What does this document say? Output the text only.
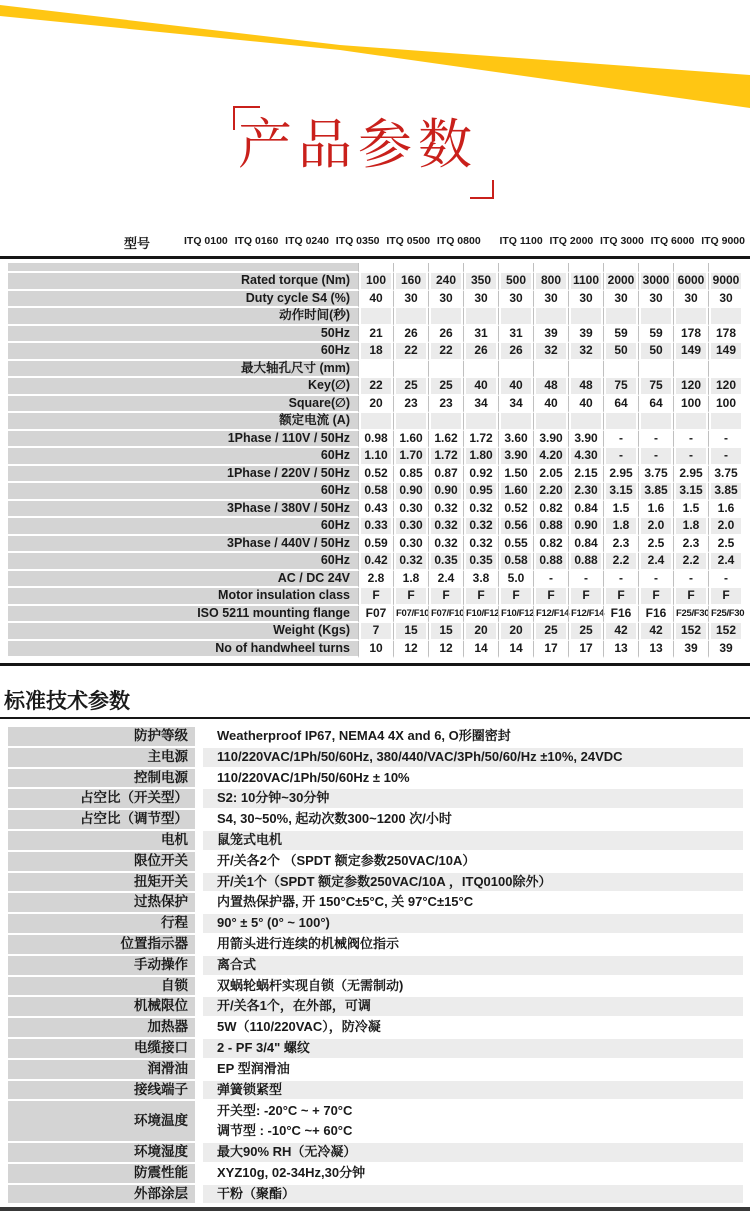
产品参数
型号	ITQ 0100 ITQ 0160 ITQ 0240 ITQ 0350 ITQ 0500 ITQ 0800 ITQ 1100 ITQ 2000 ITQ 3000 ITQ 6000 ITQ 9000
Rated torque (Nm)	100	160	240	350	500	800 1100 2000 3000 6000 9000
Duty cycle S4 (%)	40	30	30	30	30	30	30	30	30	30	30
动作时间(秒)
50Hz	21	26	26	31	31	39	39	59	59	178	178
60Hz	18	22	22	26	26	32	32	50	50	149	149
最大轴孔尺寸 (mm)
Key(∅)	22	25	25	40	40	48	48	75	75	120	120
Square(∅)	20	23	23	34	34	40	40	64	64	100	100
额定电流 (A)
1Phase / 110V / 50Hz	0.98 1.60 1.62 1.72 3.60 3.90 3.90	-	-	-	-
60Hz	1.10 1.70 1.72 1.80 3.90 4.20 4.30	-	-	-	-
1Phase / 220V / 50Hz	0.52 0.85 0.87 0.92 1.50 2.05 2.15 2.95 3.75 2.95 3.75
60Hz	0.58 0.90 0.90 0.95 1.60 2.20 2.30 3.15 3.85 3.15 3.85
3Phase / 380V / 50Hz	0.43 0.30 0.32 0.32 0.52 0.82 0.84	1.5	1.6	1.5	1.6
60Hz	0.33 0.30 0.32 0.32 0.56 0.88 0.90	1.8	2.0	1.8	2.0
3Phase / 440V / 50Hz	0.59 0.30 0.32 0.32 0.55 0.82 0.84	2.3	2.5	2.3	2.5
60Hz	0.42 0.32 0.35 0.35 0.58 0.88 0.88	2.2	2.4	2.2	2.4
AC / DC 24V	2.8	1.8	2.4	3.8	5.0	-	-	-	-	-	-
Motor insulation class	F	F	F	F	F	F	F	F	F	F	F
ISO 5211 mounting flange	F07	F07/F10 F07/F10 F10/F12 F10/F12 F12/F14 F12/F14 F16	F16	F25/F30 F25/F30
Weight (Kgs)	7	15	15	20	20	25	25	42	42	152	152
No of handwheel turns	10	12	12	14	14	17	17	13	13	39	39
标准技术参数
防护等级	Weatherproof IP67, NEMA4 4X and 6, O形圈密封
主电源	110/220VAC/1Ph/50/60Hz, 380/440/VAC/3Ph/50/60/Hz ±10%, 24VDC
控制电源	110/220VAC/1Ph/50/60Hz ± 10%
占空比（开关型）	S2: 10分钟~30分钟
占空比（调节型）	S4, 30~50%, 起动次数300~1200 次/小时
电机	鼠笼式电机
限位开关	开/关各2个 （SPDT 额定参数250VAC/10A）
扭矩开关	开/关1个（SPDT 额定参数250VAC/10A ，ITQ0100除外）
过热保护	内置热保护器, 开 150°C±5°C, 关 97°C±15°C
行程	90° ± 5° (0° ~ 100°)
位置指示器	用箭头进行连续的机械阀位指示
手动操作	离合式
自锁	双蜗轮蜗杆实现自锁（无需制动)
机械限位	开/关各1个，在外部，可调
加热器	5W（110/220VAC），防冷凝
电缆接口	2 - PF 3/4" 螺纹
润滑油	EP 型润滑油
接线端子	弹簧锁紧型
环境温度
开关型: -20°C ~ + 70°C
调节型 : -10°C ~+ 60°C
环境湿度	最大90% RH（无冷凝）
防震性能	XYZ10g, 02-34Hz,30分钟
外部涂层	干粉（聚酯）
